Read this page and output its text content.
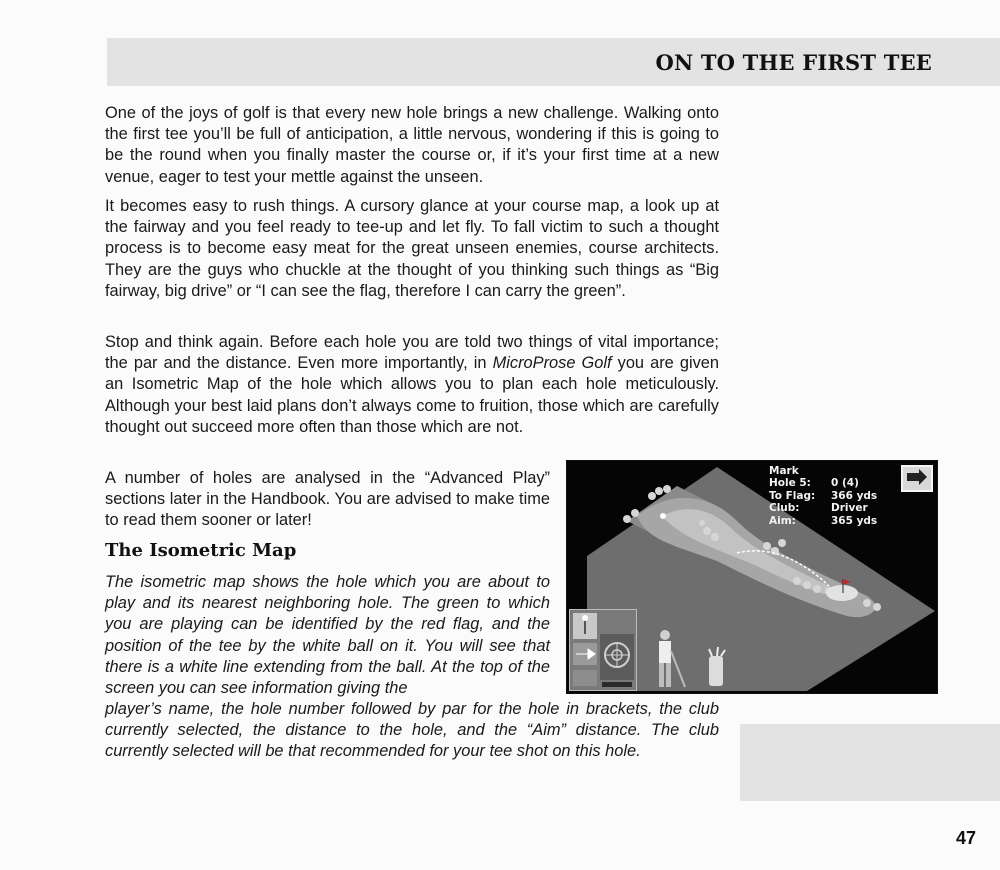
ON TO THE FIRST TEE

One of the joys of golf is that every new hole brings a new challenge. Walking onto the first tee you’ll be full of anticipation, a little nervous, wondering if this is going to be the round when you finally master the course or, if it’s your first time at a new venue, eager to test your mettle against the unseen.

It becomes easy to rush things. A cursory glance at your course map, a look up at the fairway and you feel ready to tee-up and let fly. To fall victim to such a thought process is to become easy meat for the great unseen enemies, course architects. They are the guys who chuckle at the thought of you thinking such things as “Big fairway, big drive” or “I can see the flag, therefore I can carry the green”.

Stop and think again. Before each hole you are told two things of vital importance; the par and the distance. Even more importantly, in MicroProse Golf you are given an Isometric Map of the hole which allows you to plan each hole meticulously. Although your best laid plans don’t always come to fruition, those which are carefully thought out succeed more often than those which are not.

A number of holes are analysed in the “Advanced Play” sections later in the Handbook. You are advised to make time to read them sooner or later!

The Isometric Map

The isometric map shows the hole which you are about to play and its nearest neighboring hole. The green to which you are playing can be identified by the red flag, and the position of the tee by the white ball on it. You will see that there is a white line extending from the ball. At the top of the screen you can see information giving the

player’s name, the hole number followed by par for the hole in brackets, the club currently selected, the distance to the hole, and the “Aim” distance. The club currently selected will be that recommended for your tee shot on this hole.

47
Mark
Hole 5:	0 (4)
To Flag:	366 yds
Club:	Driver
Aim:	365 yds
